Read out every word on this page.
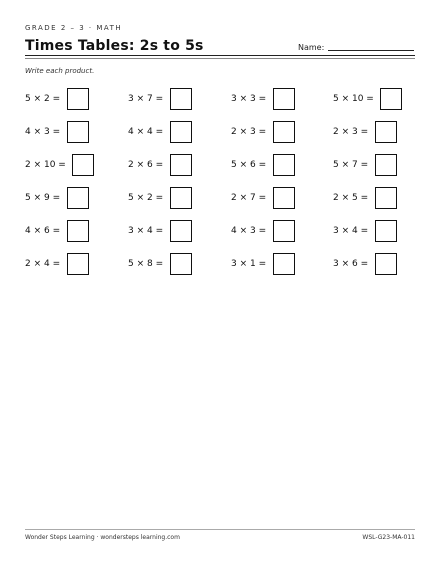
GRADE 2 – 3 · MATH
Times Tables: 2s to 5s	Name:
Write each product.
5 × 2 =	3 × 7 =	3 × 3 =	5 × 10 =
4 × 3 =	4 × 4 =	2 × 3 =	2 × 3 =
2 × 10 =	2 × 6 =	5 × 6 =	5 × 7 =
5 × 9 =	5 × 2 =	2 × 7 =	2 × 5 =
4 × 6 =	3 × 4 =	4 × 3 =	3 × 4 =
2 × 4 =	5 × 8 =	3 × 1 =	3 × 6 =
Wonder Steps Learning · wondersteps learning.com	WSL-G23-MA-011
